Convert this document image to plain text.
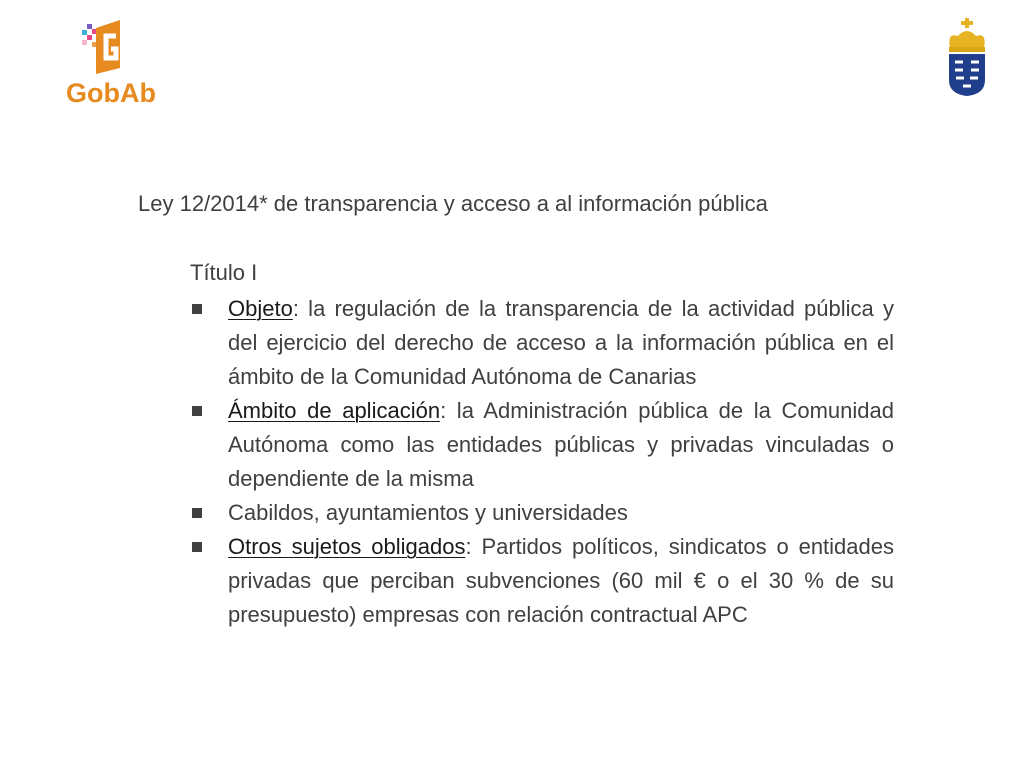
GobAb
Ley 12/2014* de transparencia y acceso a al información pública
Título I
Objeto: la regulación de la transparencia de la actividad pública y del ejercicio del derecho de acceso a la información pública en el ámbito de la Comunidad Autónoma de Canarias
Ámbito de aplicación: la Administración pública de la Comunidad Autónoma como las entidades públicas y privadas vinculadas o dependiente de la misma
Cabildos, ayuntamientos y universidades
Otros sujetos obligados: Partidos políticos, sindicatos o entidades privadas que perciban subvenciones (60 mil € o el 30 % de su presupuesto) empresas con relación contractual APC
